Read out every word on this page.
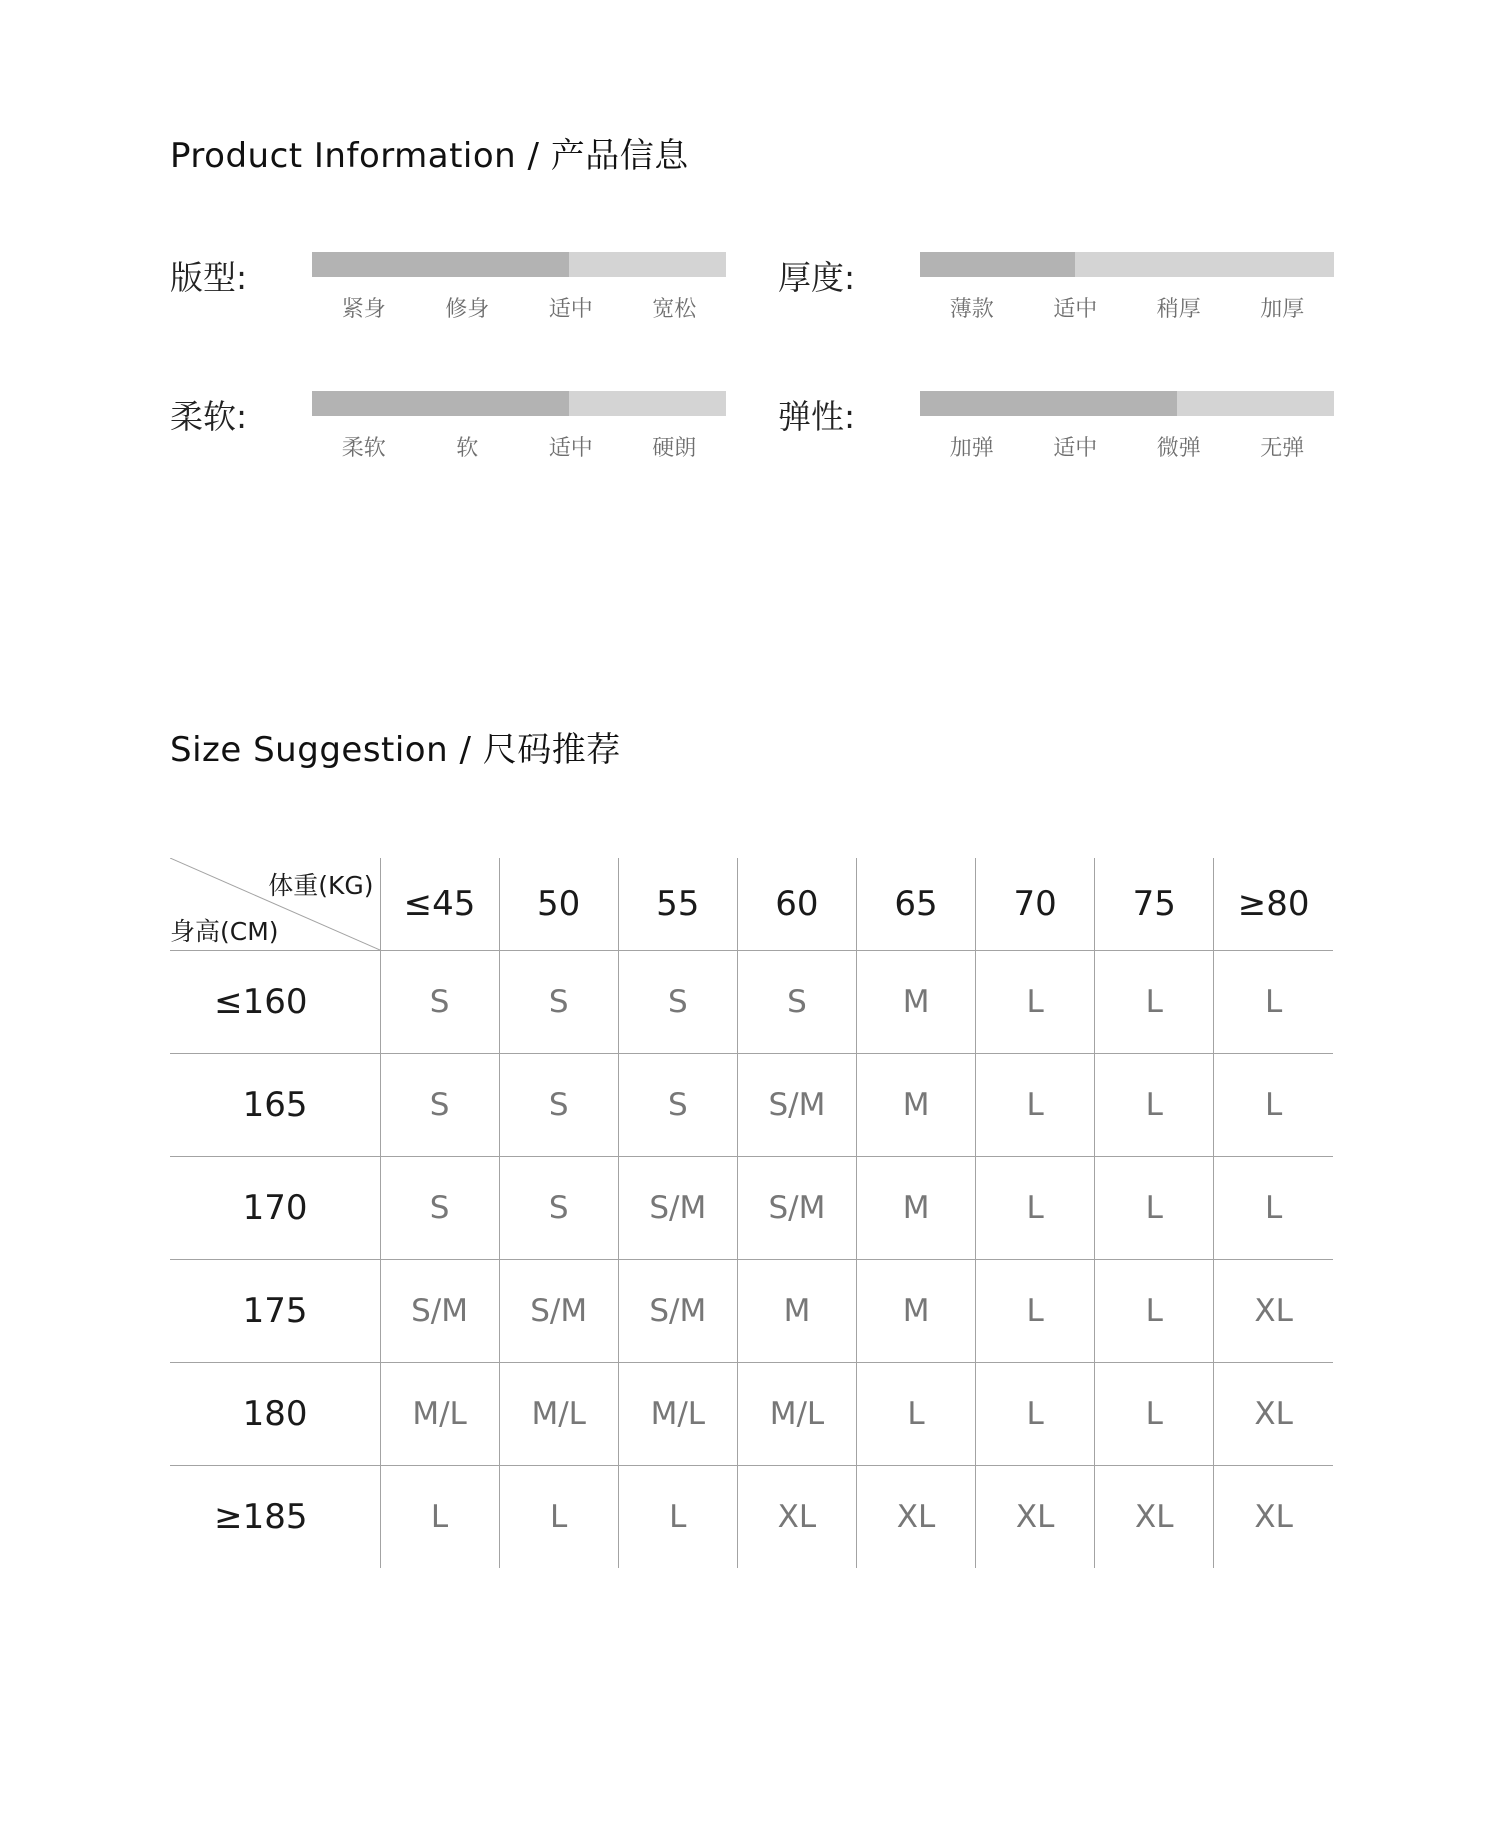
Product Information / 产品信息
版型:
紧身	修身	适中	宽松
厚度:
薄款	适中	稍厚	加厚
柔软:
柔软	软	适中	硬朗
弹性:
加弹	适中	微弹	无弹
Size Suggestion / 尺码推荐
体重(KG)
身高(CM)	≤45	50	55	60	65	70	75	≥80
≤160	S	S	S	S	M	L	L	L
165	S	S	S	S/M	M	L	L	L
170	S	S	S/M	S/M	M	L	L	L
175	S/M	S/M	S/M	M	M	L	L	XL
180	M/L	M/L	M/L	M/L	L	L	L	XL
≥185	L	L	L	XL	XL	XL	XL	XL
